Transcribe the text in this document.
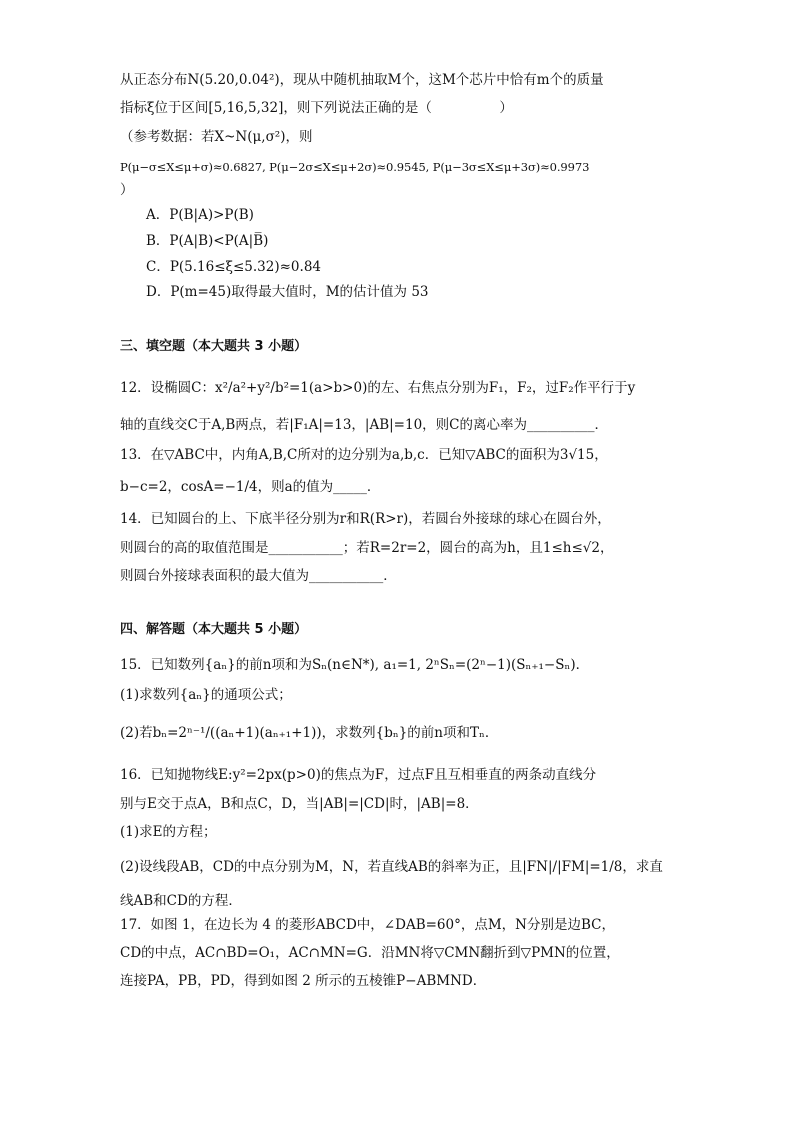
从正态分布N(5.20,0.04²)，现从中随机抽取M个，这M个芯片中恰有m个的质量
指标ξ位于区间[5,16,5,32]，则下列说法正确的是（　　　　　）
（参考数据：若X~N(μ,σ²)，则
P(μ−σ≤X≤μ+σ)≈0.6827, P(μ−2σ≤X≤μ+2σ)≈0.9545, P(μ−3σ≤X≤μ+3σ)≈0.9973
）
A．P(B|A)>P(B)
B．P(A|B)<P(A|B̅)
C．P(5.16≤ξ≤5.32)≈0.84
D．P(m=45)取得最大值时，M的估计值为 53
三、填空题（本大题共 3 小题）
12．设椭圆C：x²/a²+y²/b²=1(a>b>0)的左、右焦点分别为F₁，F₂，过F₂作平行于y
轴的直线交C于A,B两点，若|F₁A|=13，|AB|=10，则C的离心率为__________．
13．在▽ABC中，内角A,B,C所对的边分别为a,b,c．已知▽ABC的面积为3√15，
b−c=2，cosA=−1/4，则a的值为_____．
14．已知圆台的上、下底半径分别为r和R(R>r)，若圆台外接球的球心在圆台外，
则圆台的高的取值范围是___________；若R=2r=2，圆台的高为h，且1≤h≤√2，
则圆台外接球表面积的最大值为___________．
四、解答题（本大题共 5 小题）
15．已知数列{aₙ}的前n项和为Sₙ(n∈N*), a₁=1, 2ⁿSₙ=(2ⁿ−1)(Sₙ₊₁−Sₙ)．
(1)求数列{aₙ}的通项公式；
(2)若bₙ=2ⁿ⁻¹/((aₙ+1)(aₙ₊₁+1))，求数列{bₙ}的前n项和Tₙ．
16．已知抛物线E:y²=2px(p>0)的焦点为F，过点F且互相垂直的两条动直线分
别与E交于点A，B和点C，D，当|AB|=|CD|时，|AB|=8．
(1)求E的方程；
(2)设线段AB，CD的中点分别为M，N，若直线AB的斜率为正，且|FN|/|FM|=1/8，求直
线AB和CD的方程．
17．如图 1，在边长为 4 的菱形ABCD中，∠DAB=60°，点M，N分别是边BC，
CD的中点，AC∩BD=O₁，AC∩MN=G．沿MN将▽CMN翻折到▽PMN的位置，
连接PA，PB，PD，得到如图 2 所示的五棱锥P−ABMND．
